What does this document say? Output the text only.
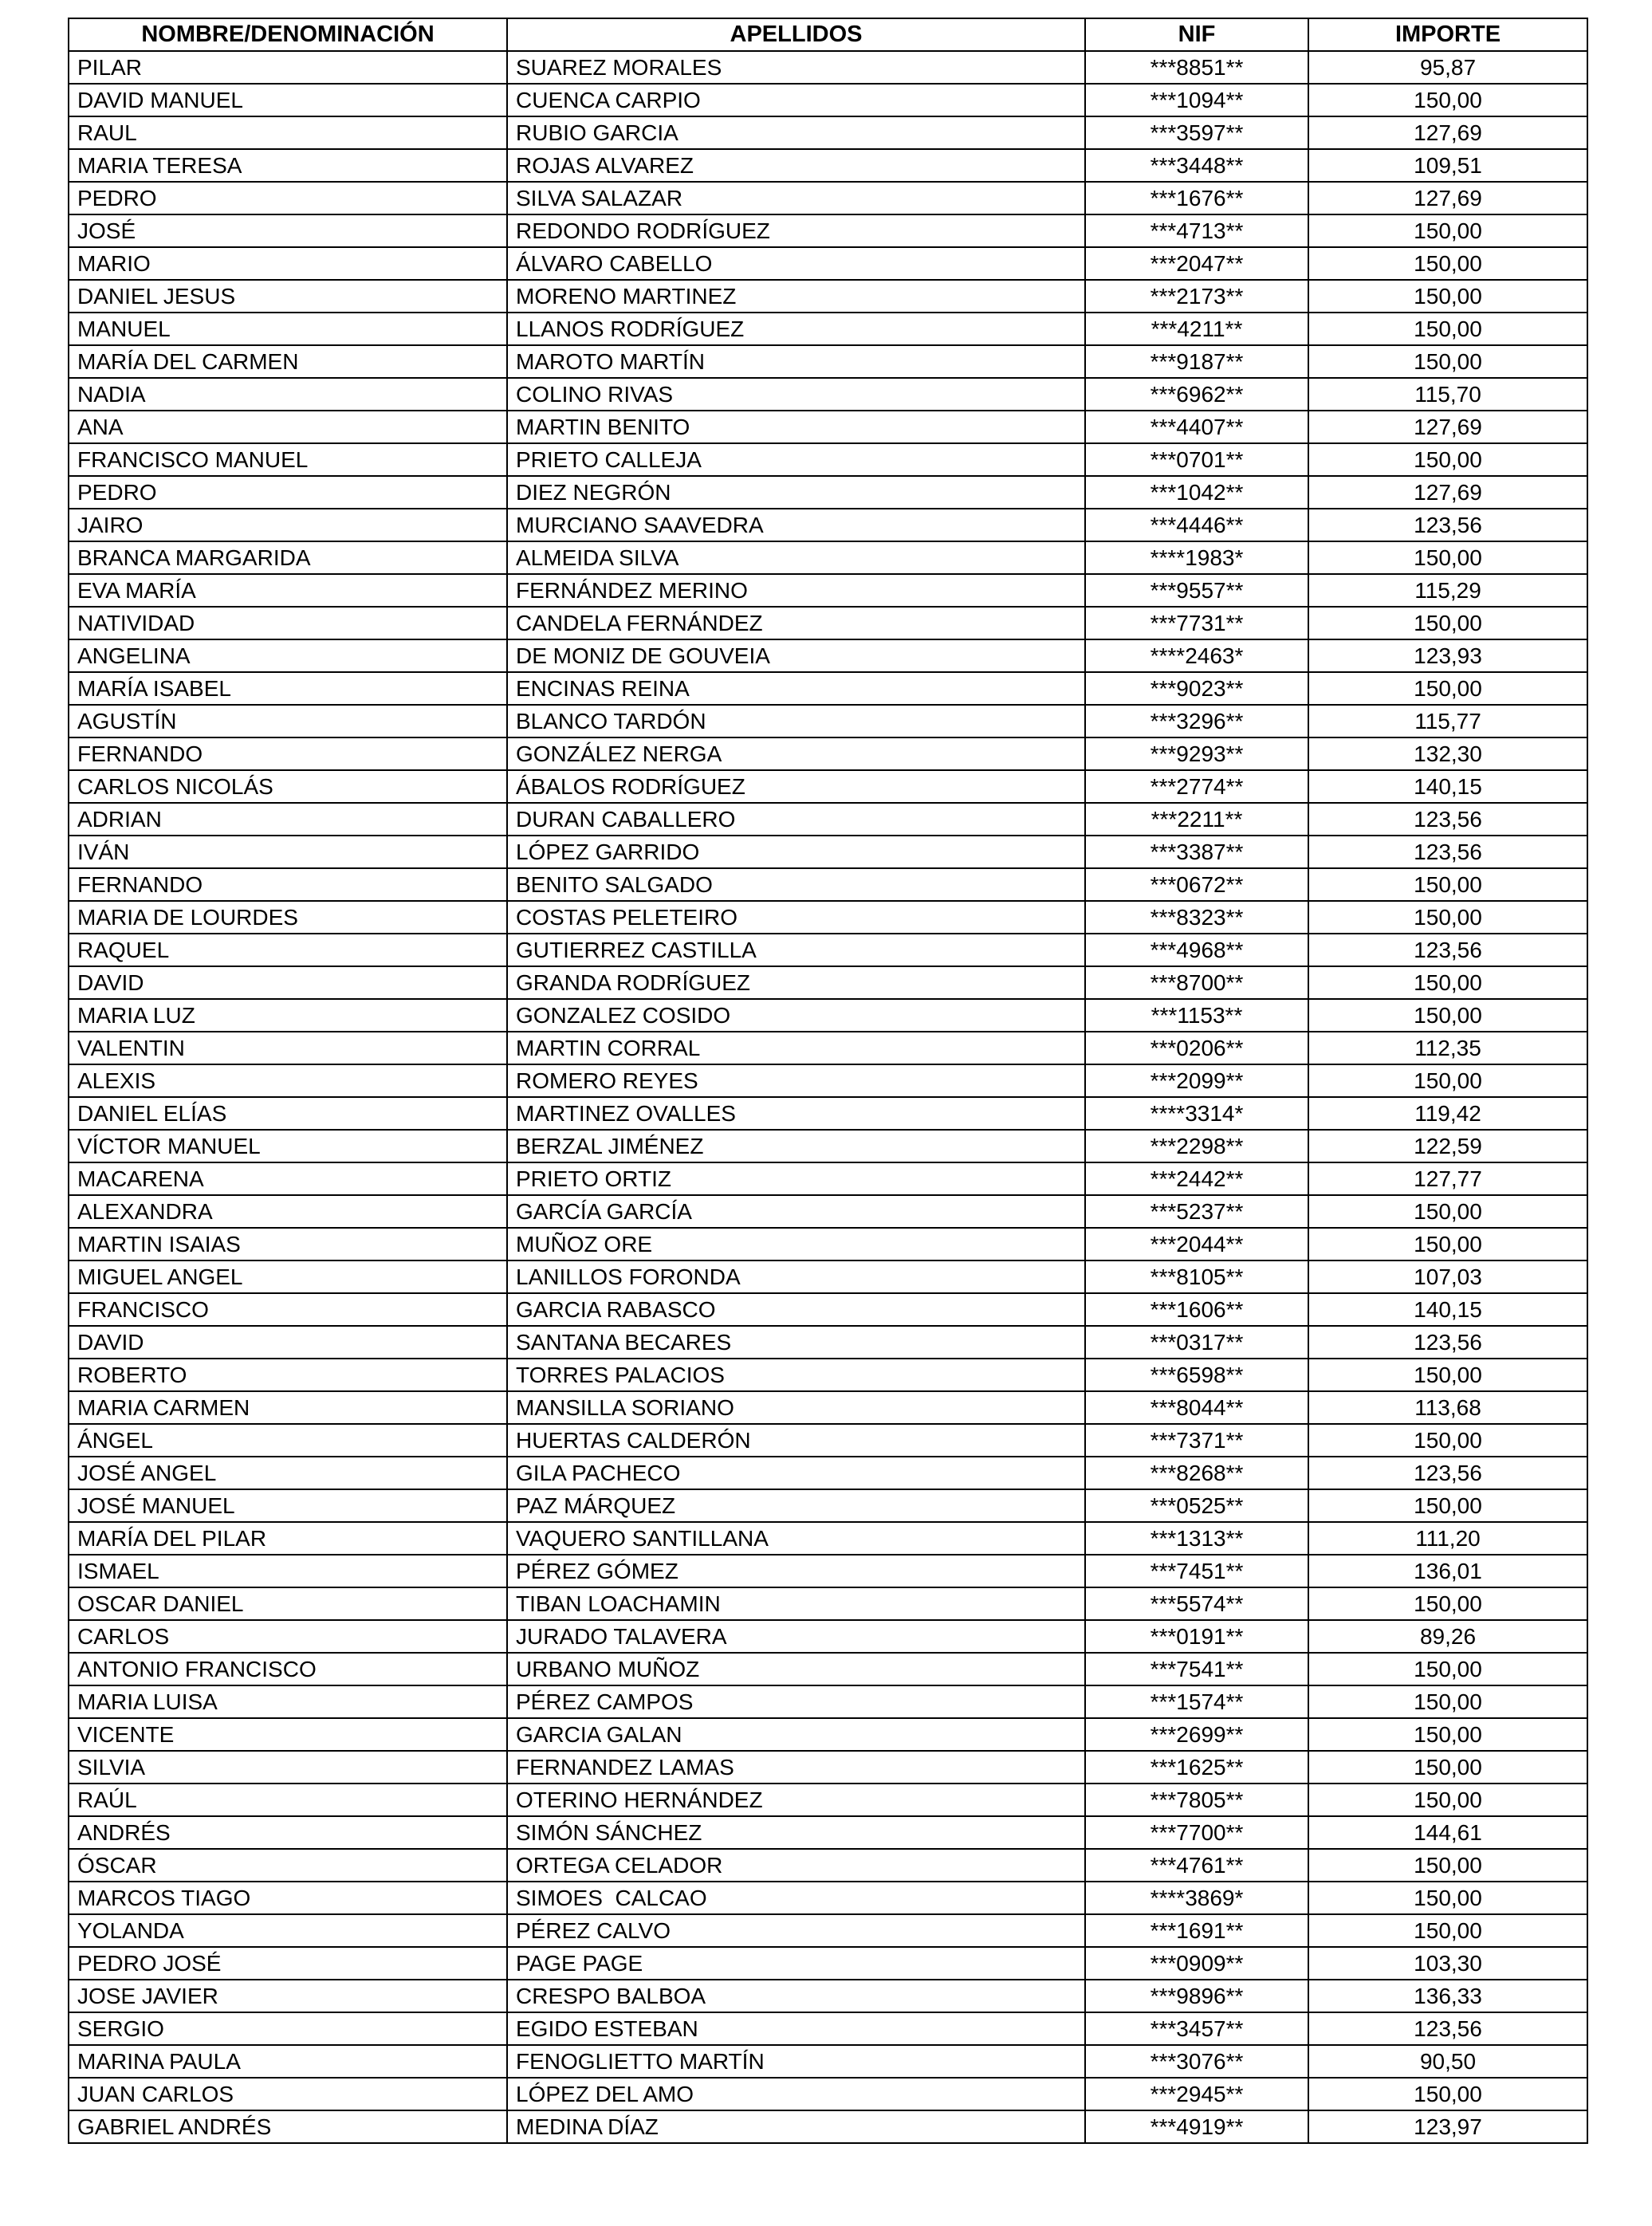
NOMBRE/DENOMINACIÓN	APELLIDOS	NIF	IMPORTE
PILAR	SUAREZ MORALES	***8851**	95,87
DAVID MANUEL	CUENCA CARPIO	***1094**	150,00
RAUL	RUBIO GARCIA	***3597**	127,69
MARIA TERESA	ROJAS ALVAREZ	***3448**	109,51
PEDRO	SILVA SALAZAR	***1676**	127,69
JOSÉ	REDONDO RODRÍGUEZ	***4713**	150,00
MARIO	ÁLVARO CABELLO	***2047**	150,00
DANIEL JESUS	MORENO MARTINEZ	***2173**	150,00
MANUEL	LLANOS RODRÍGUEZ	***4211**	150,00
MARÍA DEL CARMEN	MAROTO MARTÍN	***9187**	150,00
NADIA	COLINO RIVAS	***6962**	115,70
ANA	MARTIN BENITO	***4407**	127,69
FRANCISCO MANUEL	PRIETO CALLEJA	***0701**	150,00
PEDRO	DIEZ NEGRÓN	***1042**	127,69
JAIRO	MURCIANO SAAVEDRA	***4446**	123,56
BRANCA MARGARIDA	ALMEIDA SILVA	****1983*	150,00
EVA MARÍA	FERNÁNDEZ MERINO	***9557**	115,29
NATIVIDAD	CANDELA FERNÁNDEZ	***7731**	150,00
ANGELINA	DE MONIZ DE GOUVEIA	****2463*	123,93
MARÍA ISABEL	ENCINAS REINA	***9023**	150,00
AGUSTÍN	BLANCO TARDÓN	***3296**	115,77
FERNANDO	GONZÁLEZ NERGA	***9293**	132,30
CARLOS NICOLÁS	ÁBALOS RODRÍGUEZ	***2774**	140,15
ADRIAN	DURAN CABALLERO	***2211**	123,56
IVÁN	LÓPEZ GARRIDO	***3387**	123,56
FERNANDO	BENITO SALGADO	***0672**	150,00
MARIA DE LOURDES	COSTAS PELETEIRO	***8323**	150,00
RAQUEL	GUTIERREZ CASTILLA	***4968**	123,56
DAVID	GRANDA RODRÍGUEZ	***8700**	150,00
MARIA LUZ	GONZALEZ COSIDO	***1153**	150,00
VALENTIN	MARTIN CORRAL	***0206**	112,35
ALEXIS	ROMERO REYES	***2099**	150,00
DANIEL ELÍAS	MARTINEZ OVALLES	****3314*	119,42
VÍCTOR MANUEL	BERZAL JIMÉNEZ	***2298**	122,59
MACARENA	PRIETO ORTIZ	***2442**	127,77
ALEXANDRA	GARCÍA GARCÍA	***5237**	150,00
MARTIN ISAIAS	MUÑOZ ORE	***2044**	150,00
MIGUEL ANGEL	LANILLOS FORONDA	***8105**	107,03
FRANCISCO	GARCIA RABASCO	***1606**	140,15
DAVID	SANTANA BECARES	***0317**	123,56
ROBERTO	TORRES PALACIOS	***6598**	150,00
MARIA CARMEN	MANSILLA SORIANO	***8044**	113,68
ÁNGEL	HUERTAS CALDERÓN	***7371**	150,00
JOSÉ ANGEL	GILA PACHECO	***8268**	123,56
JOSÉ MANUEL	PAZ MÁRQUEZ	***0525**	150,00
MARÍA DEL PILAR	VAQUERO SANTILLANA	***1313**	111,20
ISMAEL	PÉREZ GÓMEZ	***7451**	136,01
OSCAR DANIEL	TIBAN LOACHAMIN	***5574**	150,00
CARLOS	JURADO TALAVERA	***0191**	89,26
ANTONIO FRANCISCO	URBANO MUÑOZ	***7541**	150,00
MARIA LUISA	PÉREZ CAMPOS	***1574**	150,00
VICENTE	GARCIA GALAN	***2699**	150,00
SILVIA	FERNANDEZ LAMAS	***1625**	150,00
RAÚL	OTERINO HERNÁNDEZ	***7805**	150,00
ANDRÉS	SIMÓN SÁNCHEZ	***7700**	144,61
ÓSCAR	ORTEGA CELADOR	***4761**	150,00
MARCOS TIAGO	SIMOES  CALCAO	****3869*	150,00
YOLANDA	PÉREZ CALVO	***1691**	150,00
PEDRO JOSÉ	PAGE PAGE	***0909**	103,30
JOSE JAVIER	CRESPO BALBOA	***9896**	136,33
SERGIO	EGIDO ESTEBAN	***3457**	123,56
MARINA PAULA	FENOGLIETTO MARTÍN	***3076**	90,50
JUAN CARLOS	LÓPEZ DEL AMO	***2945**	150,00
GABRIEL ANDRÉS	MEDINA DÍAZ	***4919**	123,97
